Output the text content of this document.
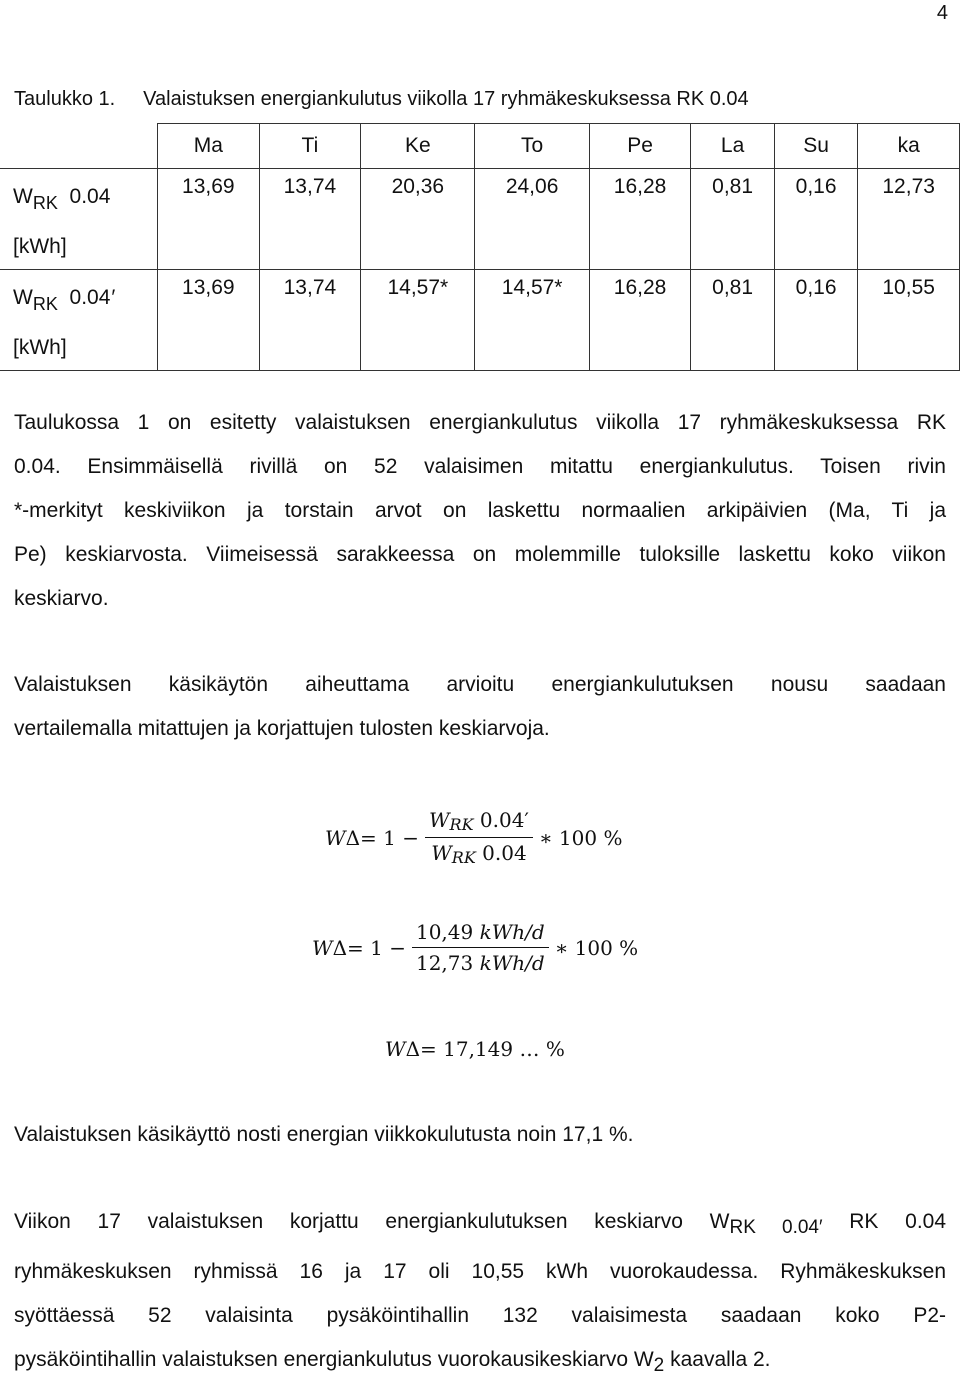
4
Taulukko 1. Valaistuksen energiankulutus viikolla 17 ryhmäkeskuksessa RK 0.04
	Ma	Ti	Ke	To	Pe	La	Su	ka

$W_{RK}$ 0.04
[kWh]	13,69	13,74	20,36	24,06	16,28	0,81	0,16	12,73

$W_{RK}$ 0.04′
[kWh]	13,69	13,74	14,57*	14,57*	16,28	0,81	0,16	10,55
Taulukossa 1 on esitetty valaistuksen energiankulutus viikolla 17 ryhmäkeskuksessa RK
0.04. Ensimmäisellä rivillä on 52 valaisimen mitattu energiankulutus. Toisen rivin
*-merkityt keskiviikon ja torstain arvot on laskettu normaalien arkipäivien (Ma, Ti ja
Pe) keskiarvosta. Viimeisessä sarakkeessa on molemmille tuloksille laskettu koko viikon
keskiarvo.
Valaistuksen käsikäytön aiheuttama arvioitu energiankulutuksen nousu saadaan
vertailemalla mitattujen ja korjattujen tulosten keskiarvoja.
W $\Delta= 1 - \frac{W_{RK} 0.04'}{W_{RK} 0.04}$ ∗ 100 %
W $\Delta= 1 - \frac{\text{10,49 kWh/d}}{\text{12,73 kWh/d}}$ ∗ 100 %
W Δ= 17,149 … %
Valaistuksen käsikäyttö nosti energian viikkokulutusta noin 17,1 %.
Viikon 17 valaistuksen korjattu energiankulutuksen keskiarvo $W_{RK 0.04'}$ RK 0.04
ryhmäkeskuksen ryhmissä 16 ja 17 oli 10,55 kWh vuorokaudessa. Ryhmäkeskuksen
syöttäessä 52 valaisinta pysäköintihallin 132 valaisimesta saadaan koko P2-
pysäköintihallin valaistuksen energiankulutus vuorokausikeskiarvo $W_2$ kaavalla 2.
